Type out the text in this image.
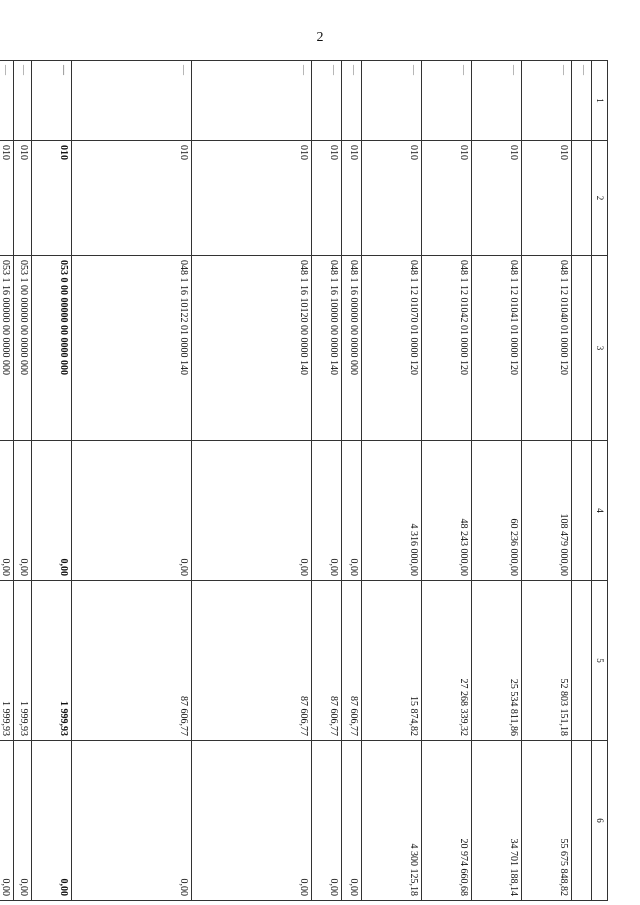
2
1	2	3	4	5	6
—					
—	010	048 1 12 01040 01 0000 120	108 479 000,00	52 803 151,18	55 675 848,82
—	010	048 1 12 01041 01 0000 120	60 236 000,00	25 534 811,86	34 701 188,14
—	010	048 1 12 01042 01 0000 120	48 243 000,00	27 268 339,32	20 974 660,68
—	010	048 1 12 01070 01 0000 120	4 316 000,00	15 874,82	4 300 125,18
—	010	048 1 16 00000 00 0000 000	0,00	87 606,77	0,00
—	010	048 1 16 10000 00 0000 140	0,00	87 606,77	0,00
—	010	048 1 16 10120 00 0000 140	0,00	87 606,77	0,00
—	010	048 1 16 10122 01 0000 140	0,00	87 606,77	0,00
—	010	053 0 00 00000 00 0000 000	0,00	1 999,93	0,00
—	010	053 1 00 00000 00 0000 000	0,00	1 999,93	0,00
—	010	053 1 16 00000 00 0000 000	0,00	1 999,93	0,00
